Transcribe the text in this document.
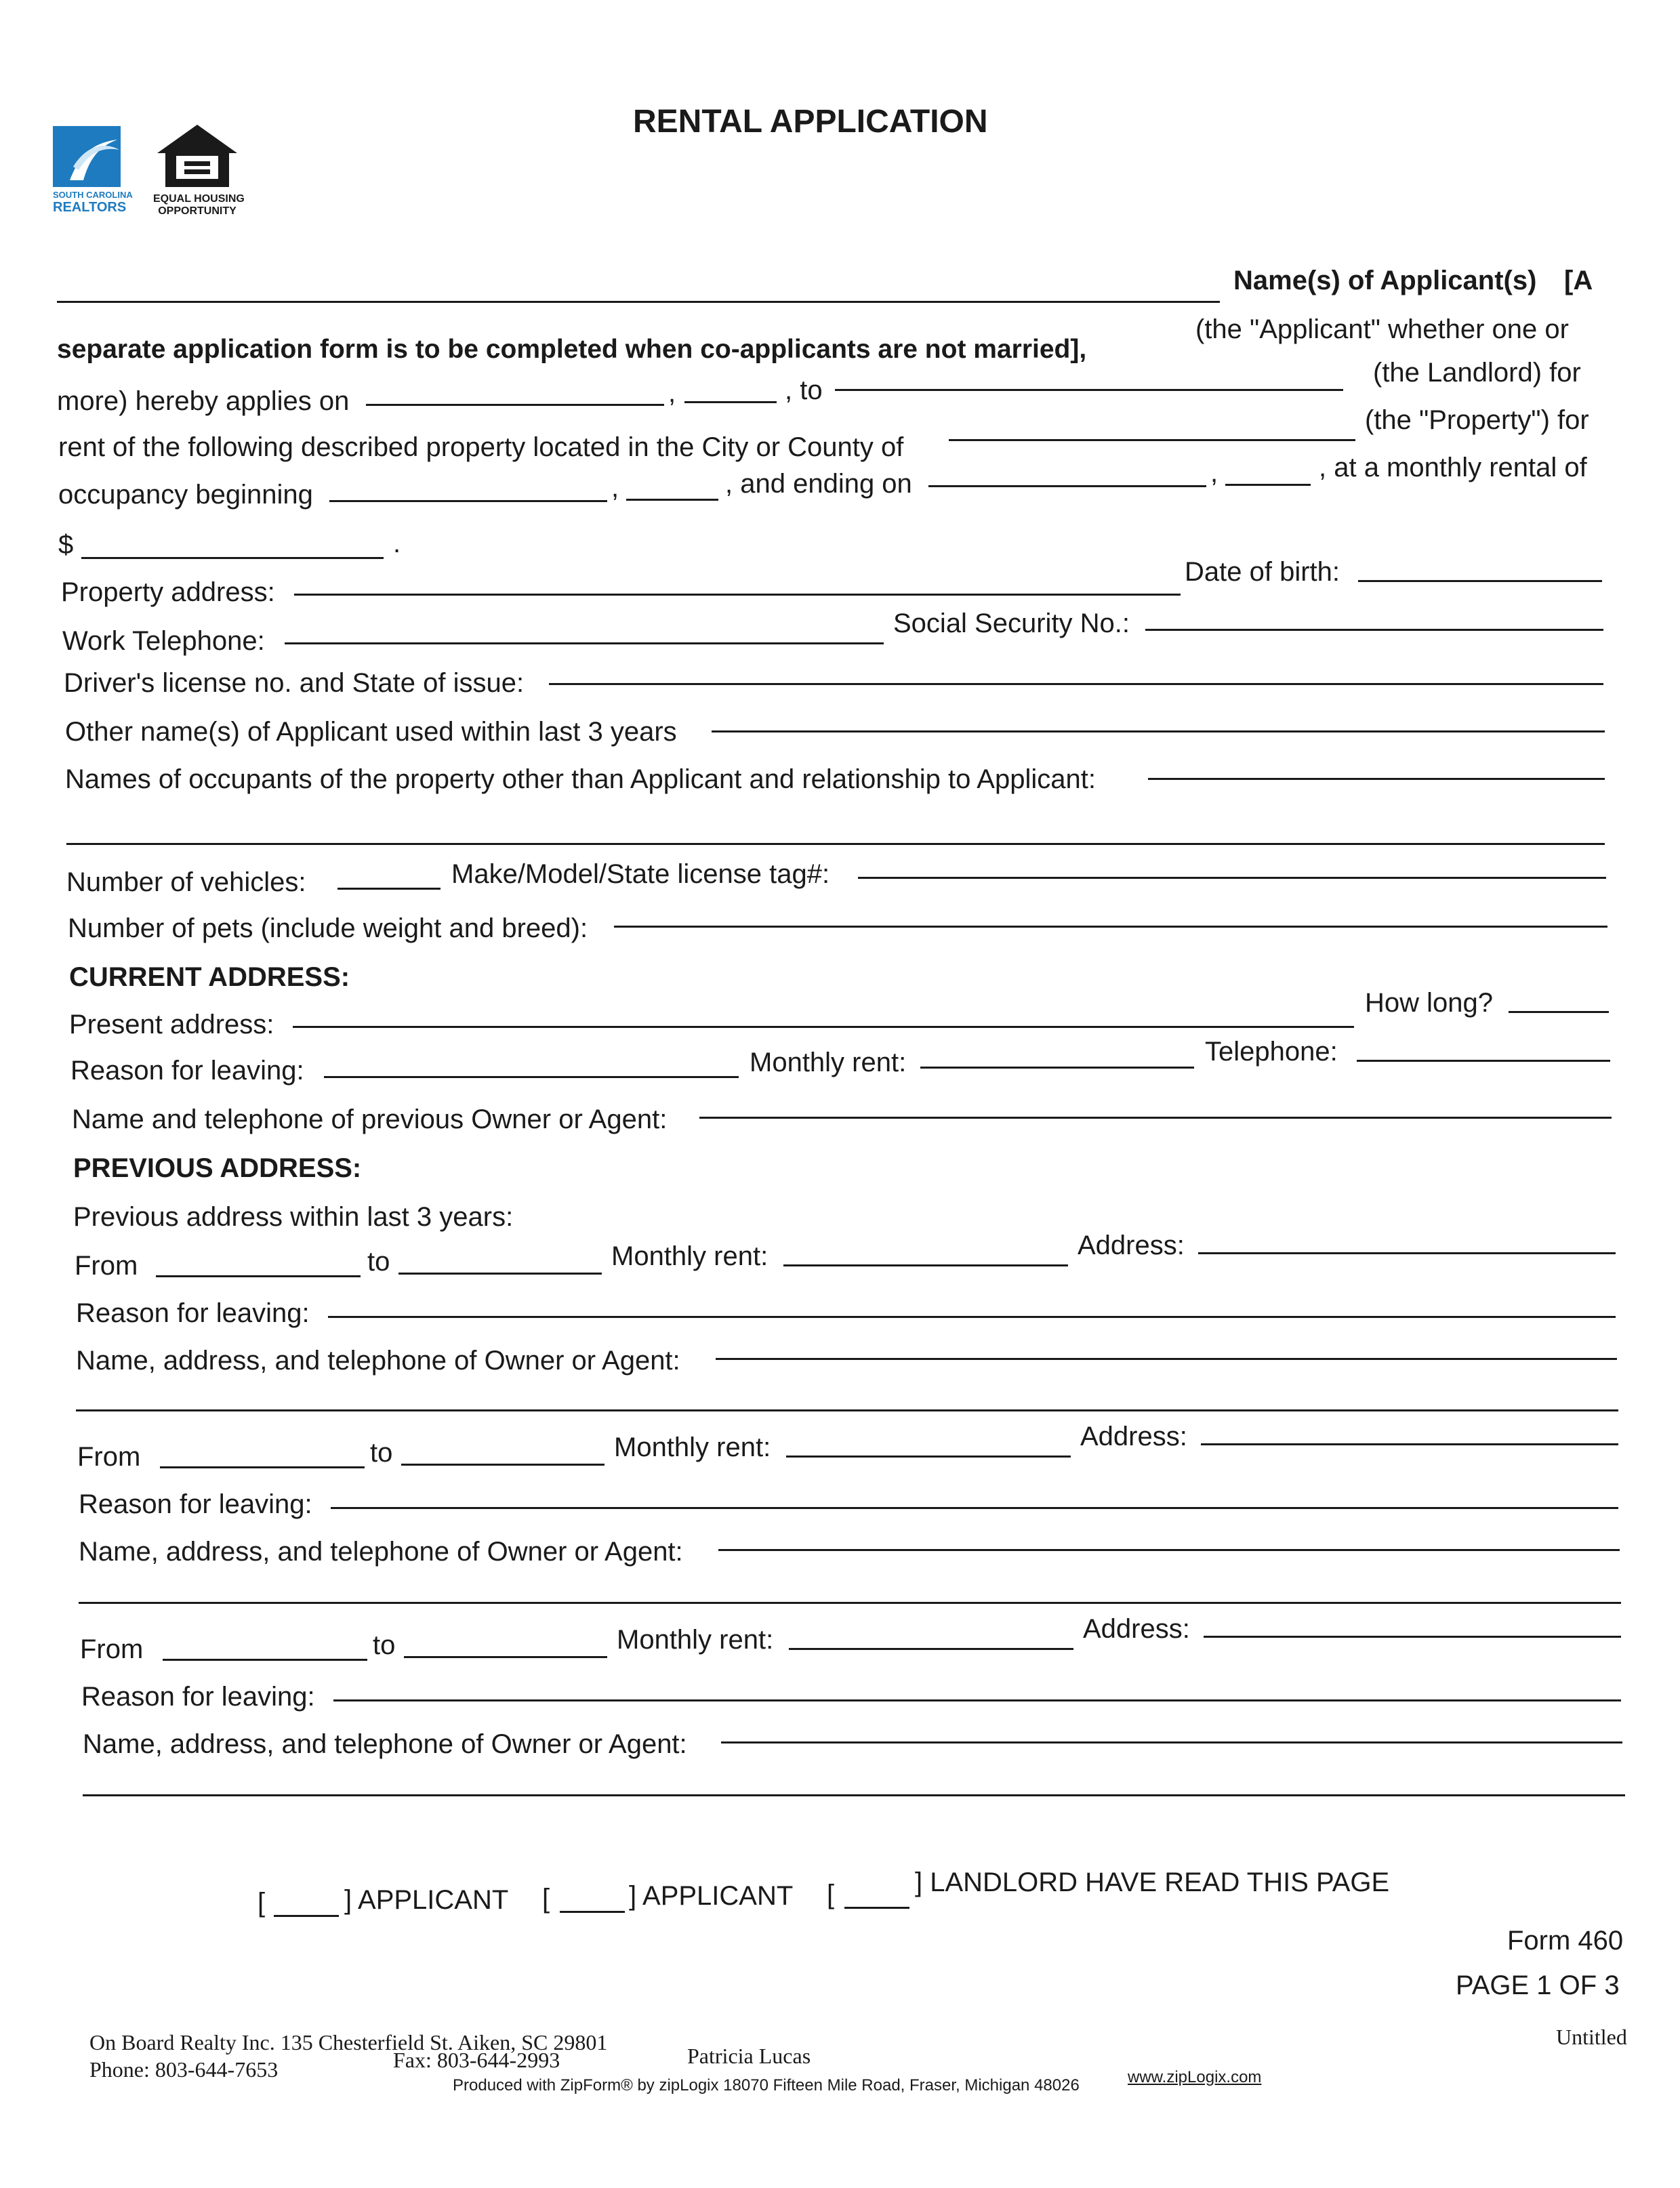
SOUTH CAROLINA
REALTORS
EQUAL HOUSING
OPPORTUNITY
RENTAL APPLICATION
Name(s) of Applicant(s) [A
separate application form is to be completed when co-applicants are not married],
(the "Applicant" whether one or
more) hereby applies on	,	, to
(the Landlord) for
rent of the following described property located in the City or County of
(the "Property") for
occupancy beginning	,	, and ending on	,	, at a monthly rental of
$	.
Property address:
Date of birth:
Work Telephone:
Social Security No.:
Driver's license no. and State of issue:
Other name(s) of Applicant used within last 3 years
Names of occupants of the property other than Applicant and relationship to Applicant:
Number of vehicles:	Make/Model/State license tag#:
Number of pets (include weight and breed):
CURRENT ADDRESS:
Present address:
How long?
Reason for leaving:	Monthly rent:	Telephone:
Name and telephone of previous Owner or Agent:
PREVIOUS ADDRESS:
Previous address within last 3 years:
From	to	Monthly rent:	Address:
Reason for leaving:
Name, address, and telephone of Owner or Agent:
From	to	Monthly rent:	Address:
Reason for leaving:
Name, address, and telephone of Owner or Agent:
From	to	Monthly rent:	Address:
Reason for leaving:
Name, address, and telephone of Owner or Agent:
[	] APPLICANT [	] APPLICANT [	] LANDLORD HAVE READ THIS PAGE
Form 460
PAGE 1 OF 3
Untitled
On Board Realty Inc. 135 Chesterfield St. Aiken, SC 29801
Phone: 803-644-7653	Fax: 803-644-2993	Patricia Lucas
Produced with ZipForm® by zipLogix 18070 Fifteen Mile Road, Fraser, Michigan 48026	www.zipLogix.com
